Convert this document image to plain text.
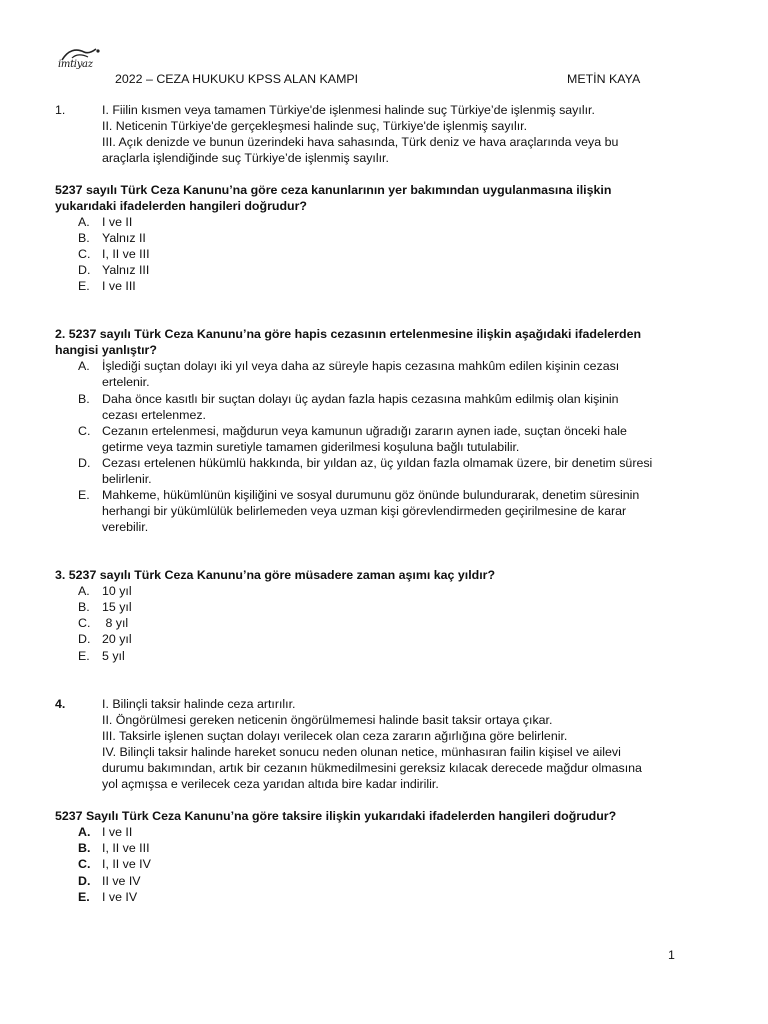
imtiyaz
2022 – CEZA HUKUKU KPSS ALAN KAMPI	METİN KAYA
1.	I. Fiilin kısmen veya tamamen Türkiye'de işlenmesi halinde suç Türkiye’de işlenmiş sayılır.
II. Neticenin Türkiye'de gerçekleşmesi halinde suç, Türkiye'de işlenmiş sayılır.
III. Açık denizde ve bunun üzerindeki hava sahasında, Türk deniz ve hava araçlarında veya bu
araçlarla işlendiğinde suç Türkiye’de işlenmiş sayılır.
5237 sayılı Türk Ceza Kanunu’na göre ceza kanunlarının yer bakımından uygulanmasına ilişkin
yukarıdaki ifadelerden hangileri doğrudur?
A. I ve II
B. Yalnız II
C. I, II ve III
D. Yalnız III
E. I ve III
2. 5237 sayılı Türk Ceza Kanunu’na göre hapis cezasının ertelenmesine ilişkin aşağıdaki ifadelerden
hangisi yanlıştır?
A. İşlediği suçtan dolayı iki yıl veya daha az süreyle hapis cezasına mahkûm edilen kişinin cezası
ertelenir.
B. Daha önce kasıtlı bir suçtan dolayı üç aydan fazla hapis cezasına mahkûm edilmiş olan kişinin
cezası ertelenmez.
C. Cezanın ertelenmesi, mağdurun veya kamunun uğradığı zararın aynen iade, suçtan önceki hale
getirme veya tazmin suretiyle tamamen giderilmesi koşuluna bağlı tutulabilir.
D. Cezası ertelenen hükümlü hakkında, bir yıldan az, üç yıldan fazla olmamak üzere, bir denetim süresi
belirlenir.
E. Mahkeme, hükümlünün kişiliğini ve sosyal durumunu göz önünde bulundurarak, denetim süresinin
herhangi bir yükümlülük belirlemeden veya uzman kişi görevlendirmeden geçirilmesine de karar
verebilir.
3. 5237 sayılı Türk Ceza Kanunu’na göre müsadere zaman aşımı kaç yıldır?
A. 10 yıl
B. 15 yıl
C. 8 yıl
D. 20 yıl
E. 5 yıl
4.	I. Bilinçli taksir halinde ceza artırılır.
II. Öngörülmesi gereken neticenin öngörülmemesi halinde basit taksir ortaya çıkar.
III. Taksirle işlenen suçtan dolayı verilecek olan ceza zararın ağırlığına göre belirlenir.
IV. Bilinçli taksir halinde hareket sonucu neden olunan netice, münhasıran failin kişisel ve ailevi
durumu bakımından, artık bir cezanın hükmedilmesini gereksiz kılacak derecede mağdur olmasına
yol açmışsa e verilecek ceza yarıdan altıda bire kadar indirilir.
5237 Sayılı Türk Ceza Kanunu’na göre taksire ilişkin yukarıdaki ifadelerden hangileri doğrudur?
A. I ve II
B. I, II ve III
C. I, II ve IV
D. II ve IV
E. I ve IV
1
